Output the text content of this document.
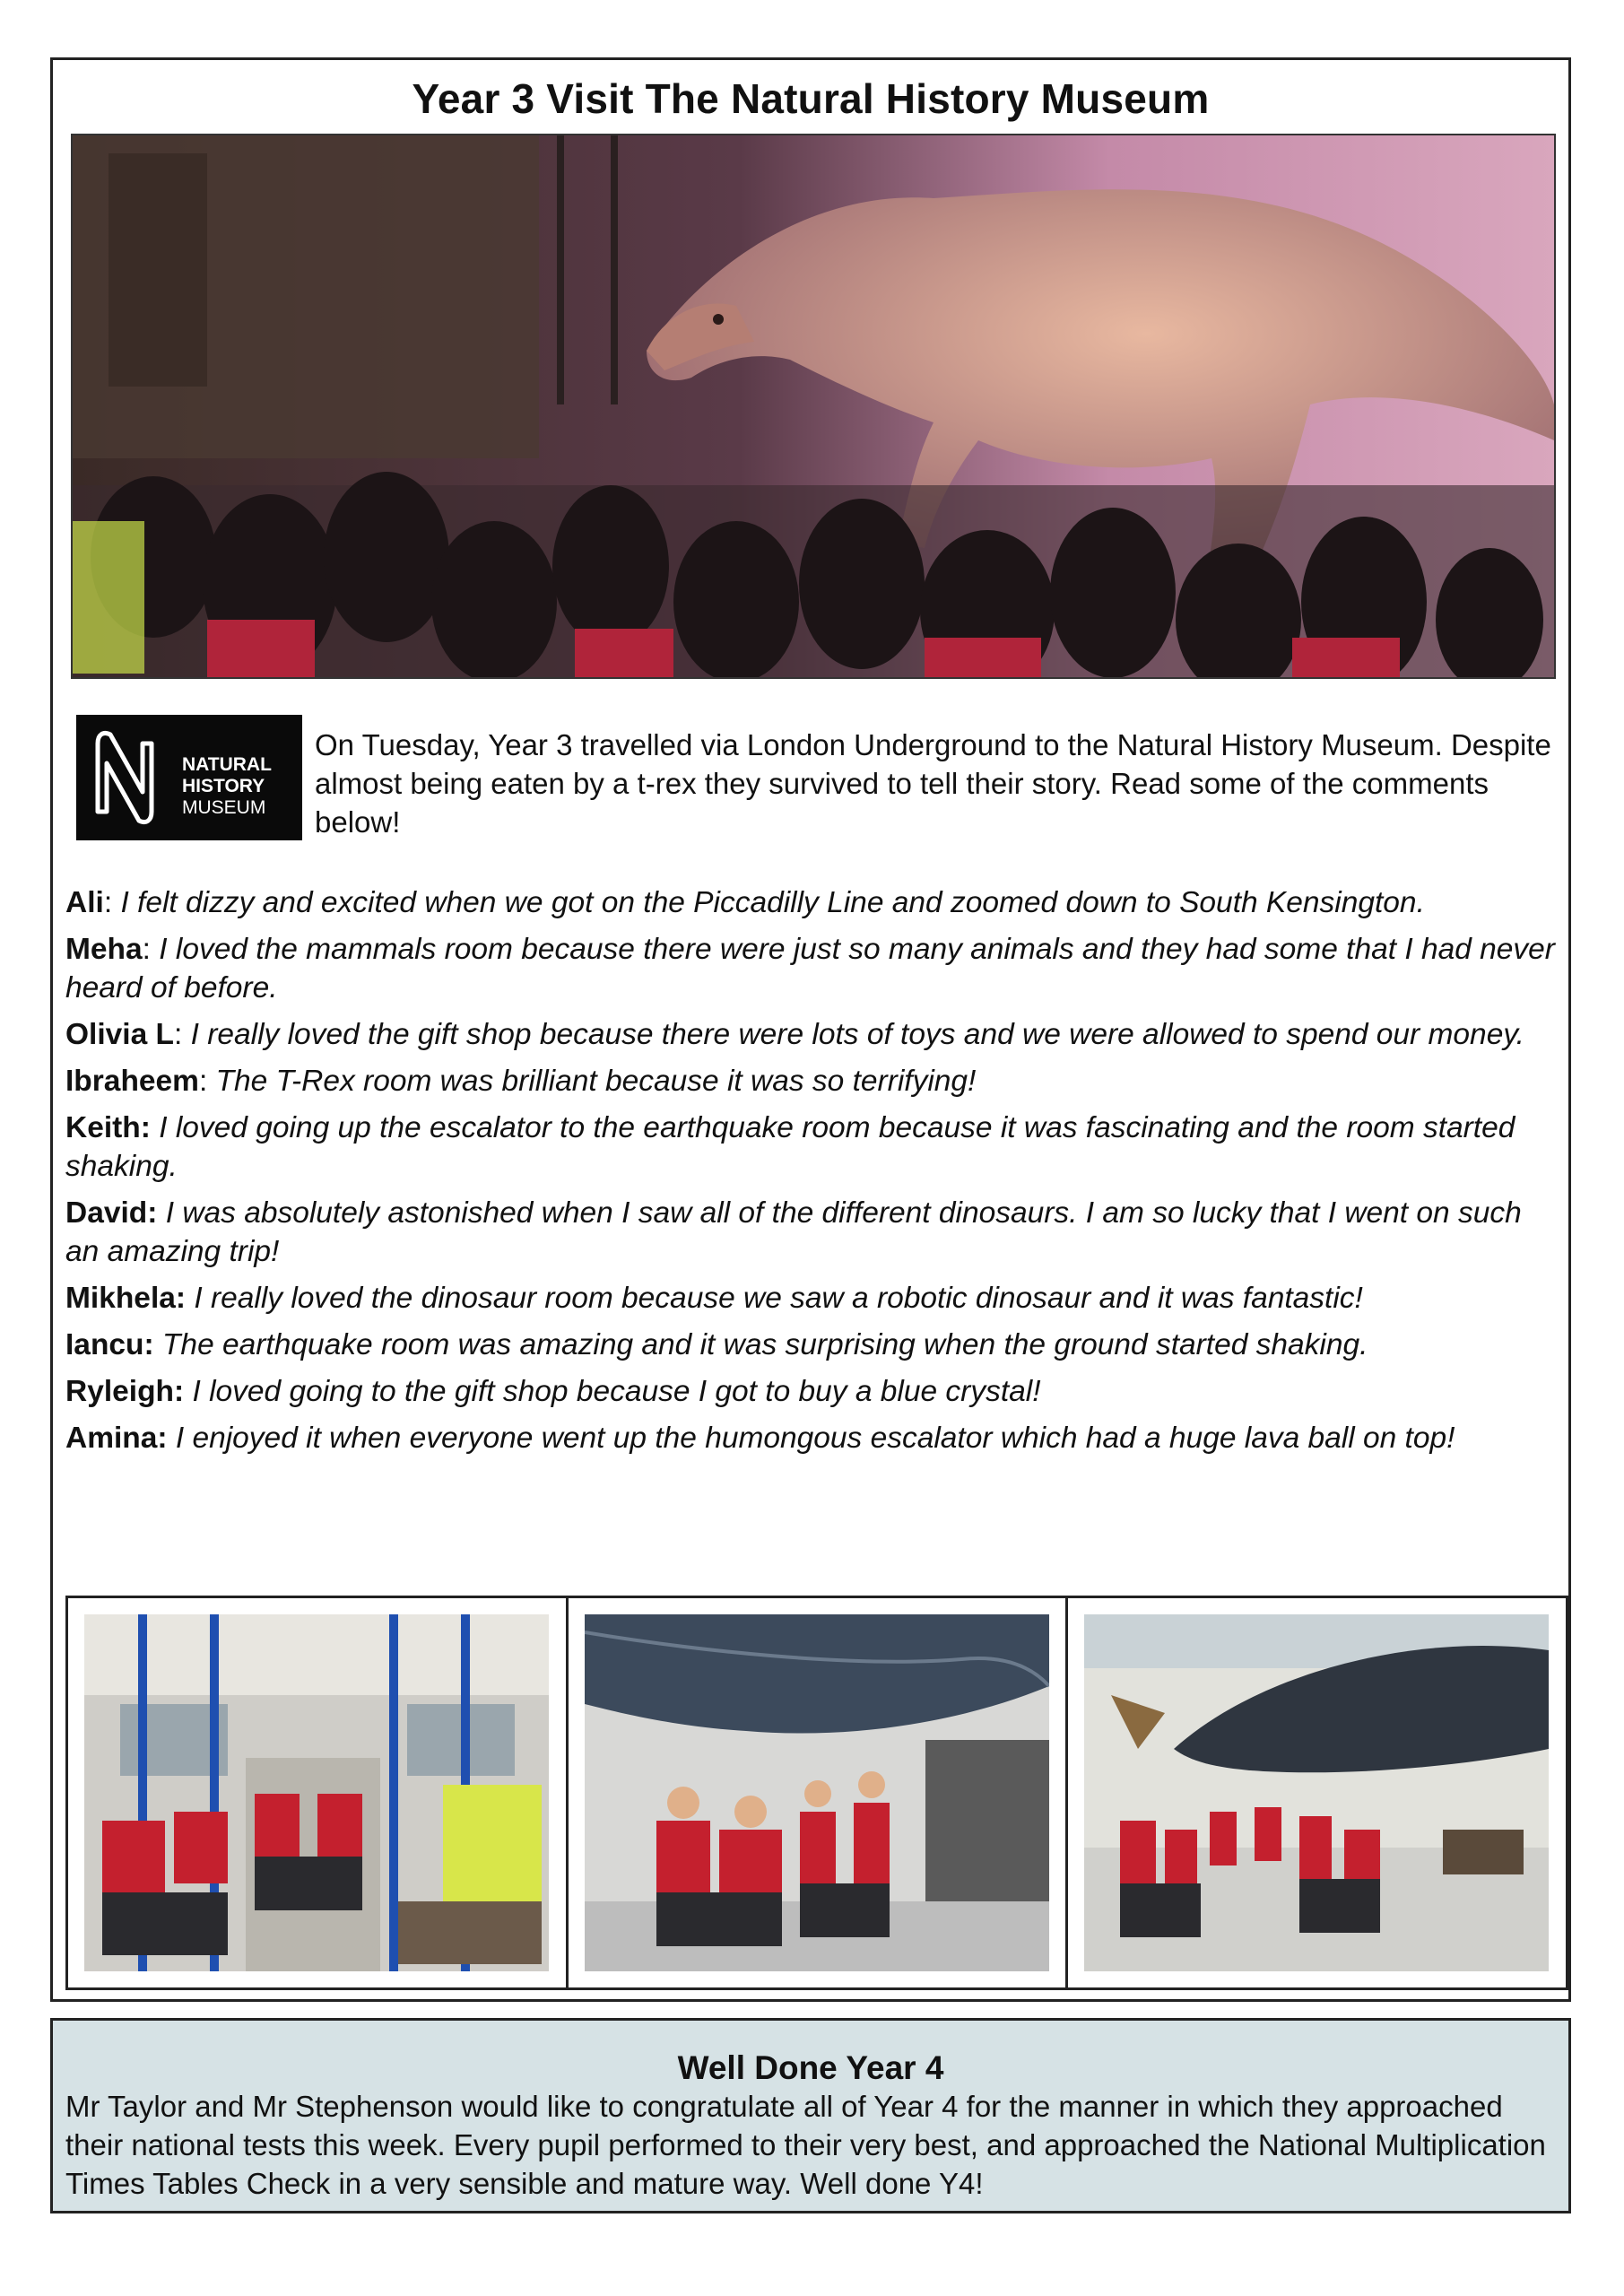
Year 3 Visit The Natural History Museum
NATURAL
HISTORY
MUSEUM
On Tuesday, Year 3 travelled via London Underground to the Natural History Museum. Despite almost being eaten by a t-rex they survived to tell their story. Read some of the comments below!
Ali: I felt dizzy and excited when we got on the Piccadilly Line and zoomed down to South Kensington.
Meha: I loved the mammals room because there were just so many animals and they had some that I had never heard of before.
Olivia L: I really loved the gift shop because there were lots of toys and we were allowed to spend our money.
Ibraheem: The T-Rex room was brilliant because it was so terrifying!
Keith: I loved going up the escalator to the earthquake room because it was fascinating and the room started shaking.
David: I was absolutely astonished when I saw all of the different dinosaurs. I am so lucky that I went on such an amazing trip!
Mikhela: I really loved the dinosaur room because we saw a robotic dinosaur and it was fantastic!
Iancu: The earthquake room was amazing and it was surprising when the ground started shaking.
Ryleigh: I loved going to the gift shop because I got to buy a blue crystal!
Amina: I enjoyed it when everyone went up the humongous escalator which had a huge lava ball on top!
Well Done Year 4
Mr Taylor and Mr Stephenson would like to congratulate all of Year 4 for the manner in which they approached their national tests this week. Every pupil performed to their very best, and approached the National Multiplication Times Tables Check in a very sensible and mature way. Well done Y4!
